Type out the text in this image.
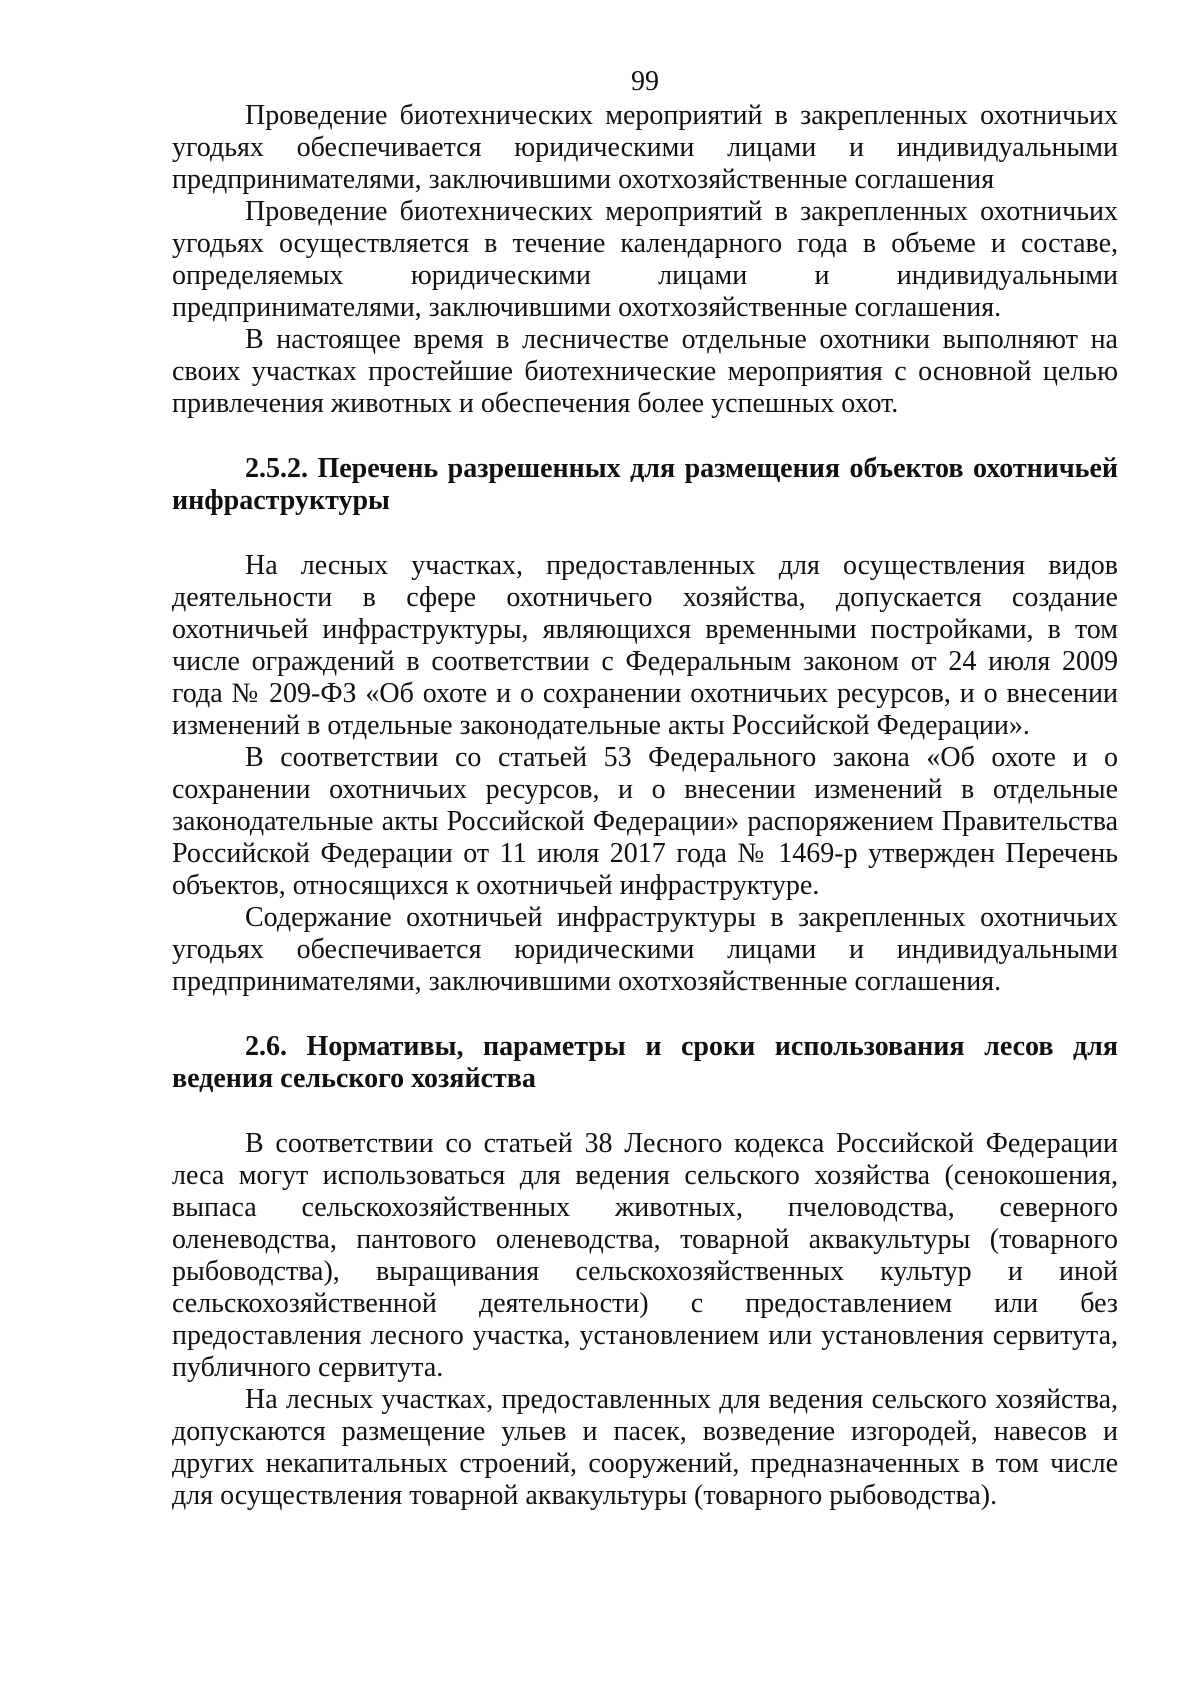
99

Проведение биотехнических мероприятий в закрепленных охотничьих угодьях обеспечивается юридическими лицами и индивидуальными предпринимателями, заключившими охотхозяйственные соглашения

Проведение биотехнических мероприятий в закрепленных охотничьих угодьях осуществляется в течение календарного года в объеме и составе, определяемых юридическими лицами и индивидуальными предпринимателями, заключившими охотхозяйственные соглашения.

В настоящее время в лесничестве отдельные охотники выполняют на своих участках простейшие биотехнические мероприятия с основной целью привлечения животных и обеспечения более успешных охот.

2.5.2. Перечень разрешенных для размещения объектов охотничьей инфраструктуры

На лесных участках, предоставленных для осуществления видов деятельности в сфере охотничьего хозяйства, допускается создание охотничьей инфраструктуры, являющихся временными постройками, в том числе ограждений в соответствии с Федеральным законом от 24 июля 2009 года № 209-ФЗ «Об охоте и о сохранении охотничьих ресурсов, и о внесении изменений в отдельные законодательные акты Российской Федерации».

В соответствии со статьей 53 Федерального закона «Об охоте и о сохранении охотничьих ресурсов, и о внесении изменений в отдельные законодательные акты Российской Федерации» распоряжением Правительства Российской Федерации от 11 июля 2017 года № 1469-р утвержден Перечень объектов, относящихся к охотничьей инфраструктуре.

Содержание охотничьей инфраструктуры в закрепленных охотничьих угодьях обеспечивается юридическими лицами и индивидуальными предпринимателями, заключившими охотхозяйственные соглашения.

2.6. Нормативы, параметры и сроки использования лесов для ведения сельского хозяйства

В соответствии со статьей 38 Лесного кодекса Российской Федерации леса могут использоваться для ведения сельского хозяйства (сенокошения, выпаса сельскохозяйственных животных, пчеловодства, северного оленеводства, пантового оленеводства, товарной аквакультуры (товарного рыбоводства), выращивания сельскохозяйственных культур и иной сельскохозяйственной деятельности) с предоставлением или без предоставления лесного участка, установлением или установления сервитута, публичного сервитута.

На лесных участках, предоставленных для ведения сельского хозяйства, допускаются размещение ульев и пасек, возведение изгородей, навесов и других некапитальных строений, сооружений, предназначенных в том числе для осуществления товарной аквакультуры (товарного рыбоводства).
